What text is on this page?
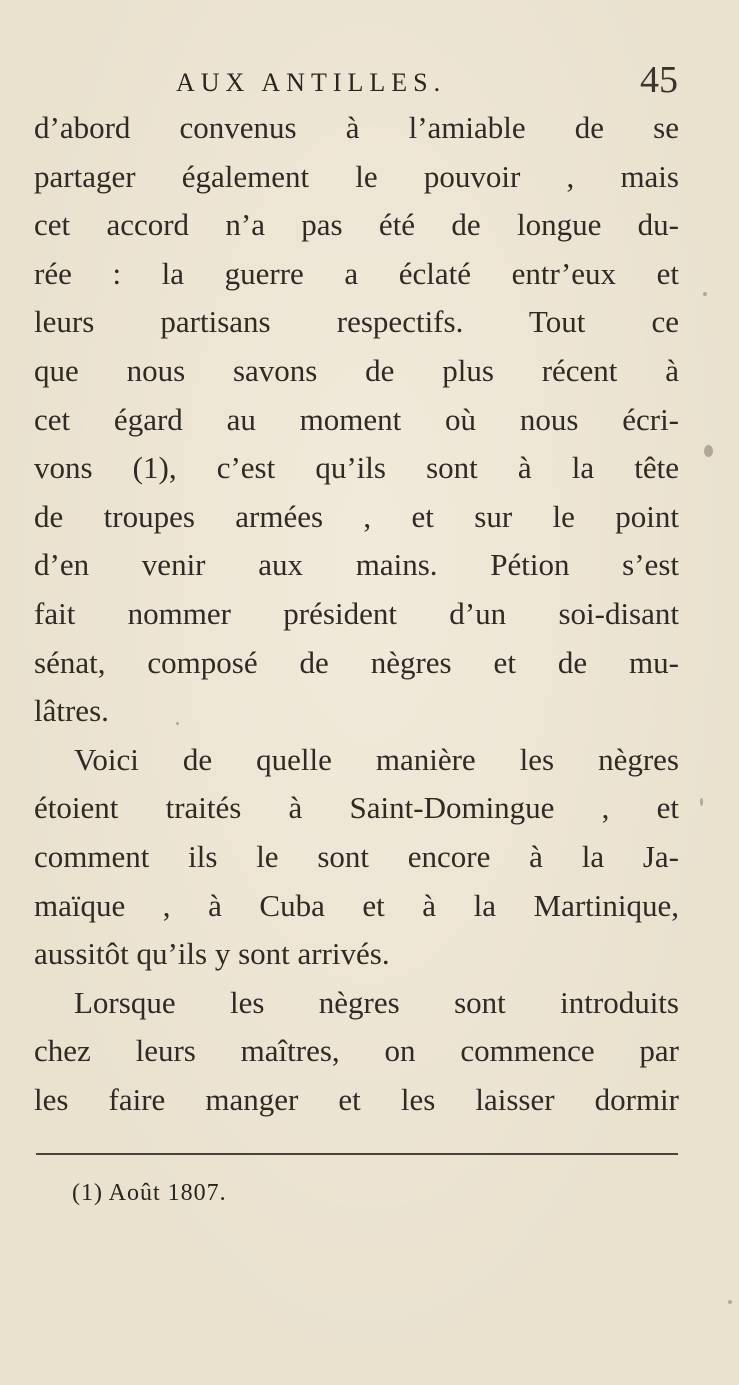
AUX ANTILLES.	45
d’abord convenus à l’amiable de se
partager également le pouvoir , mais
cet accord n’a pas été de longue du-
rée : la guerre a éclaté entr’eux et
leurs partisans respectifs. Tout ce
que nous savons de plus récent à
cet égard au moment où nous écri-
vons (1), c’est qu’ils sont à la tête
de troupes armées , et sur le point
d’en venir aux mains. Pétion s’est
fait nommer président d’un soi-disant
sénat, composé de nègres et de mu-
lâtres.
Voici de quelle manière les nègres
étoient traités à Saint-Domingue , et
comment ils le sont encore à la Ja-
maïque , à Cuba et à la Martinique,
aussitôt qu’ils y sont arrivés.
Lorsque les nègres sont introduits
chez leurs maîtres, on commence par
les faire manger et les laisser dormir
(1) Août 1807.
